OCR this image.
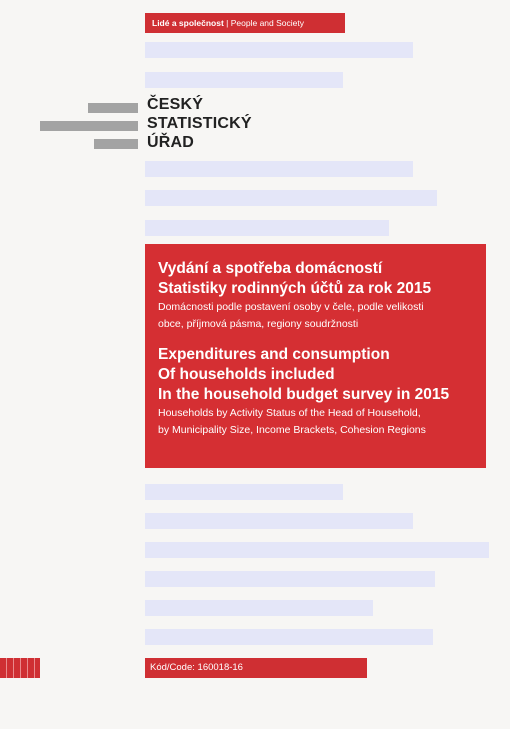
Lidé a společnost | People and Society
ČESKÝ
STATISTICKÝ
ÚŘAD
Vydání a spotřeba domácností
Statistiky rodinných účtů za rok 2015
Domácnosti podle postavení osoby v čele, podle velikosti
obce, příjmová pásma, regiony soudržnosti
Expenditures and consumption
Of households included
In the household budget survey in 2015
Households by Activity Status of the Head of Household,
by Municipality Size, Income Brackets, Cohesion Regions
Kód/Code: 160018-16
